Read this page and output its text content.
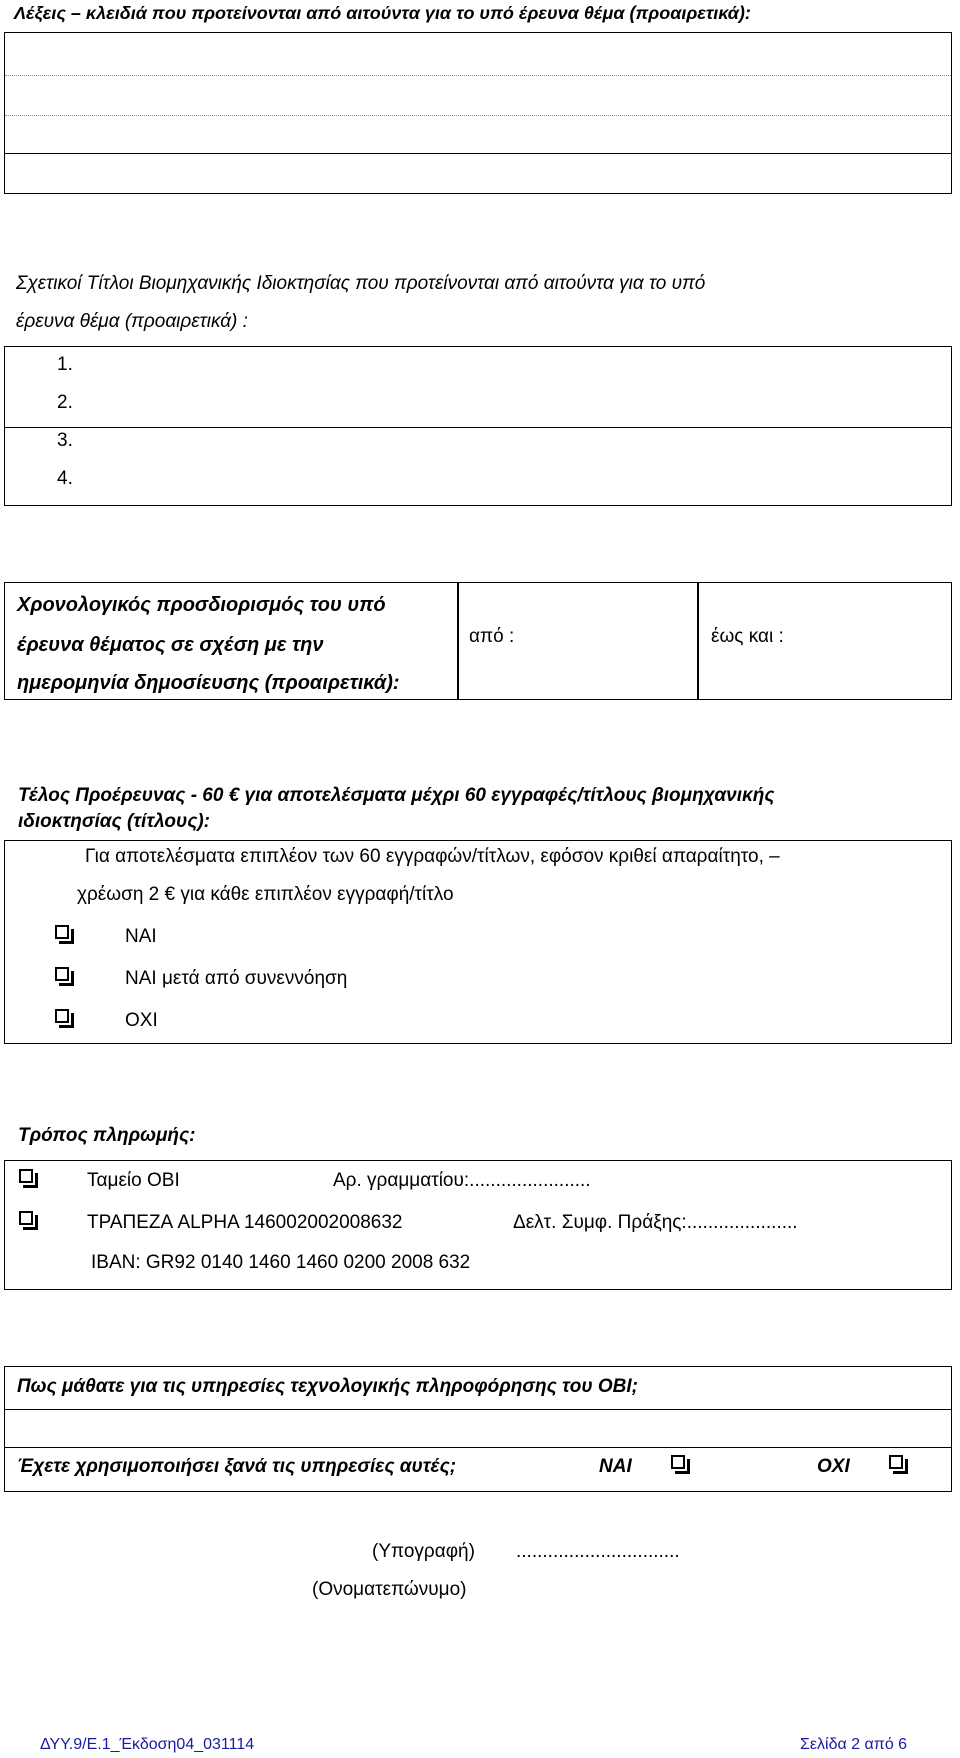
Λέξεις – κλειδιά που προτείνονται από αιτούντα για το υπό έρευνα θέμα (προαιρετικά):
Σχετικοί Τίτλοι Βιομηχανικής Ιδιοκτησίας που προτείνονται από αιτούντα για το υπό
έρευνα θέμα (προαιρετικά) :
1.
2.
3.
4.
Χρονολογικός προσδιορισμός του υπό
έρευνα θέματος σε σχέση με την
ημερομηνία δημοσίευσης (προαιρετικά):
από :	έως και :
Τέλος Προέρευνας - 60 € για αποτελέσματα μέχρι 60 εγγραφές/τίτλους βιομηχανικής
ιδιοκτησίας (τίτλους):
Για αποτελέσματα επιπλέον των 60 εγγραφών/τίτλων, εφόσον κριθεί απαραίτητο, –
χρέωση 2 € για κάθε επιπλέον εγγραφή/τίτλο
ΝΑΙ
ΝΑΙ μετά από συνεννόηση
ΟΧΙ
Τρόπος πληρωμής:
Ταμείο ΟΒΙ	Αρ. γραμματίου:.......................
ΤΡΑΠΕΖΑ ALPHA 146002002008632	Δελτ. Συμφ. Πράξης:.....................
IBAN: GR92 0140 1460 1460 0200 2008 632
Πως μάθατε για τις υπηρεσίες τεχνολογικής πληροφόρησης του ΟΒΙ;
Έχετε χρησιμοποιήσει ξανά τις υπηρεσίες αυτές;	ΝΑΙ	ΟΧΙ
(Υπογραφή) ...............................
(Ονοματεπώνυμο)
ΔΥΥ.9/Ε.1_Έκδοση04_031114	Σελίδα 2 από 6
